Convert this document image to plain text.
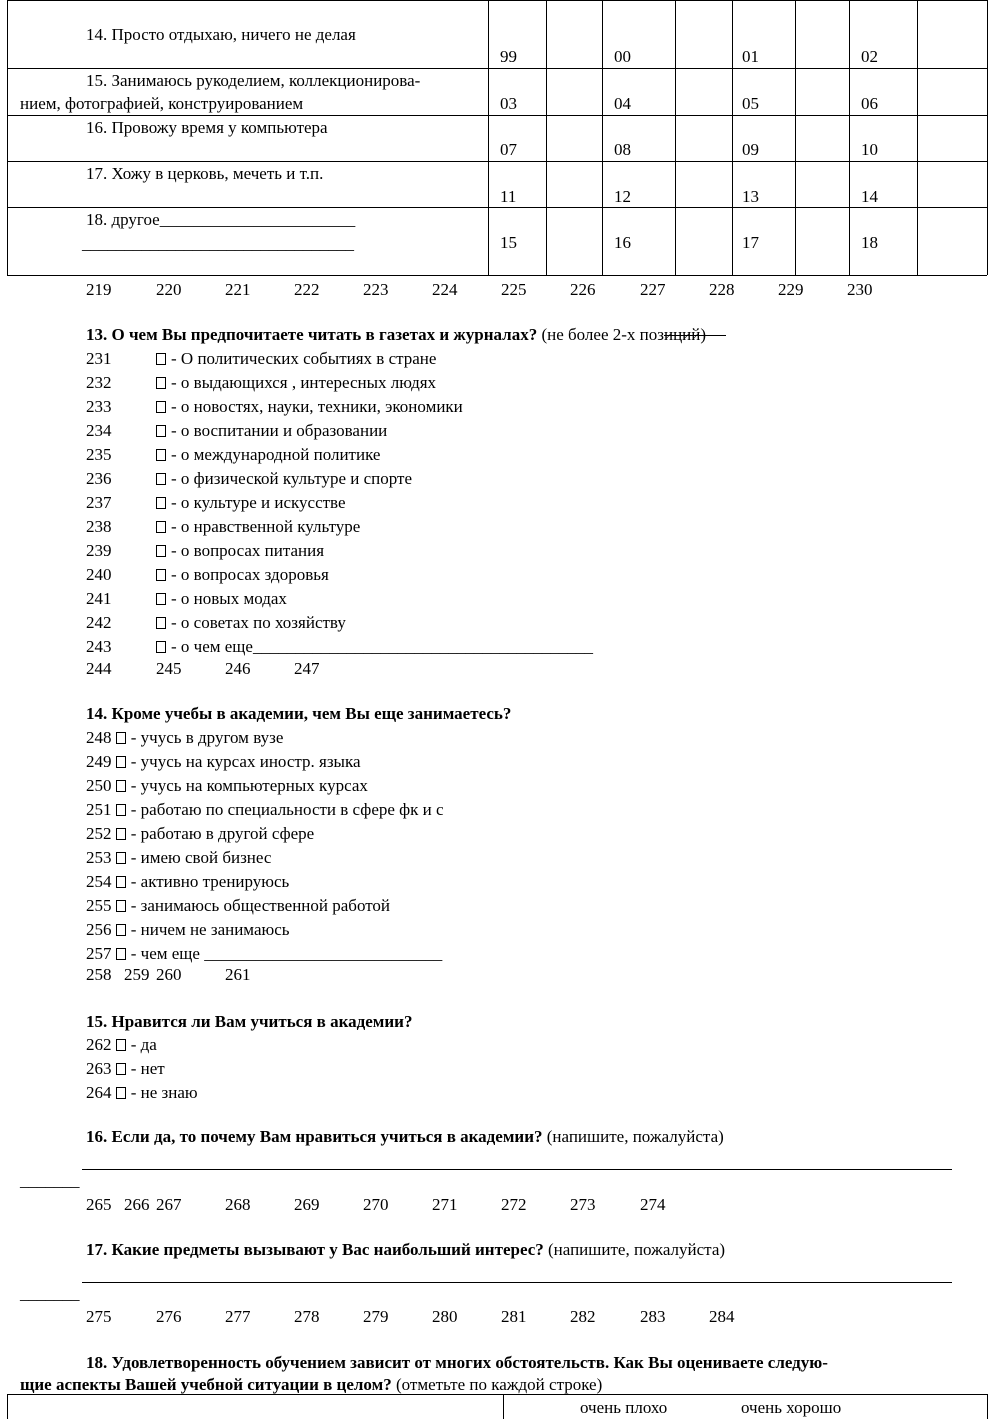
14. Просто отдыхаю, ничего не делая
99	00	01	02
15. Занимаюсь рукоделием, коллекционирова-
нием, фотографией, конструированием	03	04	05	06
16. Провожу время у компьютера
07	08	09	10
17. Хожу в церковь, мечеть и т.п.
11	12	13	14
18. другое_______________________
________________________________	15	16	17	18
219	220	221	222	223	224	225	226	227	228	229	230
13. О чем Вы предпочитаете читать в газетах и журналах? (не более 2-х позиций)
231	- О политических событиях в стране
232	- о выдающихся , интересных людях
233	- о новостях, науки, техники, экономики
234	- о воспитании и образовании
235	- о международной политике
236	- о физической культуре и спорте
237	- о культуре и искусстве
238	- о нравственной культуре
239	- о вопросах питания
240	- о вопросах здоровья
241	- о новых модах
242	- о советах по хозяйству
243	- о чем еще________________________________________
244	245	246	247
14. Кроме учебы в академии, чем Вы еще занимаетесь?
248 - учусь в другом вузе
249 - учусь на курсах иностр. языка
250 - учусь на компьютерных курсах
251 - работаю по специальности в сфере фк и с
252 - работаю в другой сфере
253 - имею свой бизнес
254 - активно тренируюсь
255 - занимаюсь общественной работой
256 - ничем не занимаюсь
257 - чем еще ____________________________
258 259 260	261
15. Нравится ли Вам учиться в академии?
262 - да
263 - нет
264 - не знаю
16. Если да, то почему Вам нравиться учиться в академии? (напишите, пожалуйста)
_______
265 266 267	268	269	270	271	272	273	274
17. Какие предметы вызывают у Вас наибольший интерес? (напишите, пожалуйста)
_______
275	276	277	278	279	280	281	282	283	284
18. Удовлетворенность обучением зависит от многих обстоятельств. Как Вы оцениваете следую-
щие аспекты Вашей учебной ситуации в целом? (отметьте по каждой строке)
очень плохо	очень хорошо
